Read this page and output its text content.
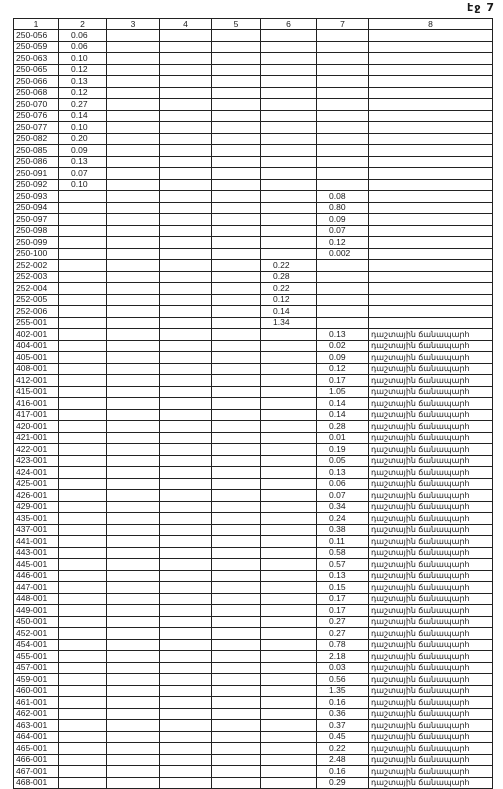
էջ 7
1	2	3	4	5	6	7	8
250-056	0.06						
250-059	0.06						
250-063	0.10						
250-065	0.12						
250-066	0.13						
250-068	0.12						
250-070	0.27						
250-076	0.14						
250-077	0.10						
250-082	0.20						
250-085	0.09						
250-086	0.13						
250-091	0.07						
250-092	0.10						
250-093						0.08	
250-094						0.80	
250-097						0.09	
250-098						0.07	
250-099						0.12	
250-100						0.002	
252-002					0.22		
252-003					0.28		
252-004					0.22		
252-005					0.12		
252-006					0.14		
255-001					1.34		
402-001						0.13	դաշտային ճանապարհ
404-001						0.02	դաշտային ճանապարհ
405-001						0.09	դաշտային ճանապարհ
408-001						0.12	դաշտային ճանապարհ
412-001						0.17	դաշտային ճանապարհ
415-001						1.05	դաշտային ճանապարհ
416-001						0.14	դաշտային ճանապարհ
417-001						0.14	դաշտային ճանապարհ
420-001						0.28	դաշտային ճանապարհ
421-001						0.01	դաշտային ճանապարհ
422-001						0.19	դաշտային ճանապարհ
423-001						0.05	դաշտային ճանապարհ
424-001						0.13	դաշտային ճանապարհ
425-001						0.06	դաշտային ճանապարհ
426-001						0.07	դաշտային ճանապարհ
429-001						0.34	դաշտային ճանապարհ
435-001						0.24	դաշտային ճանապարհ
437-001						0.38	դաշտային ճանապարհ
441-001						0.11	դաշտային ճանապարհ
443-001						0.58	դաշտային ճանապարհ
445-001						0.57	դաշտային ճանապարհ
446-001						0.13	դաշտային ճանապարհ
447-001						0.15	դաշտային ճանապարհ
448-001						0.17	դաշտային ճանապարհ
449-001						0.17	դաշտային ճանապարհ
450-001						0.27	դաշտային ճանապարհ
452-001						0.27	դաշտային ճանապարհ
454-001						0.78	դաշտային ճանապարհ
455-001						2.18	դաշտային ճանապարհ
457-001						0.03	դաշտային ճանապարհ
459-001						0.56	դաշտային ճանապարհ
460-001						1.35	դաշտային ճանապարհ
461-001						0.16	դաշտային ճանապարհ
462-001						0.36	դաշտային ճանապարհ
463-001						0.37	դաշտային ճանապարհ
464-001						0.45	դաշտային ճանապարհ
465-001						0.22	դաշտային ճանապարհ
466-001						2.48	դաշտային ճանապարհ
467-001						0.16	դաշտային ճանապարհ
468-001						0.29	դաշտային ճանապարհ
